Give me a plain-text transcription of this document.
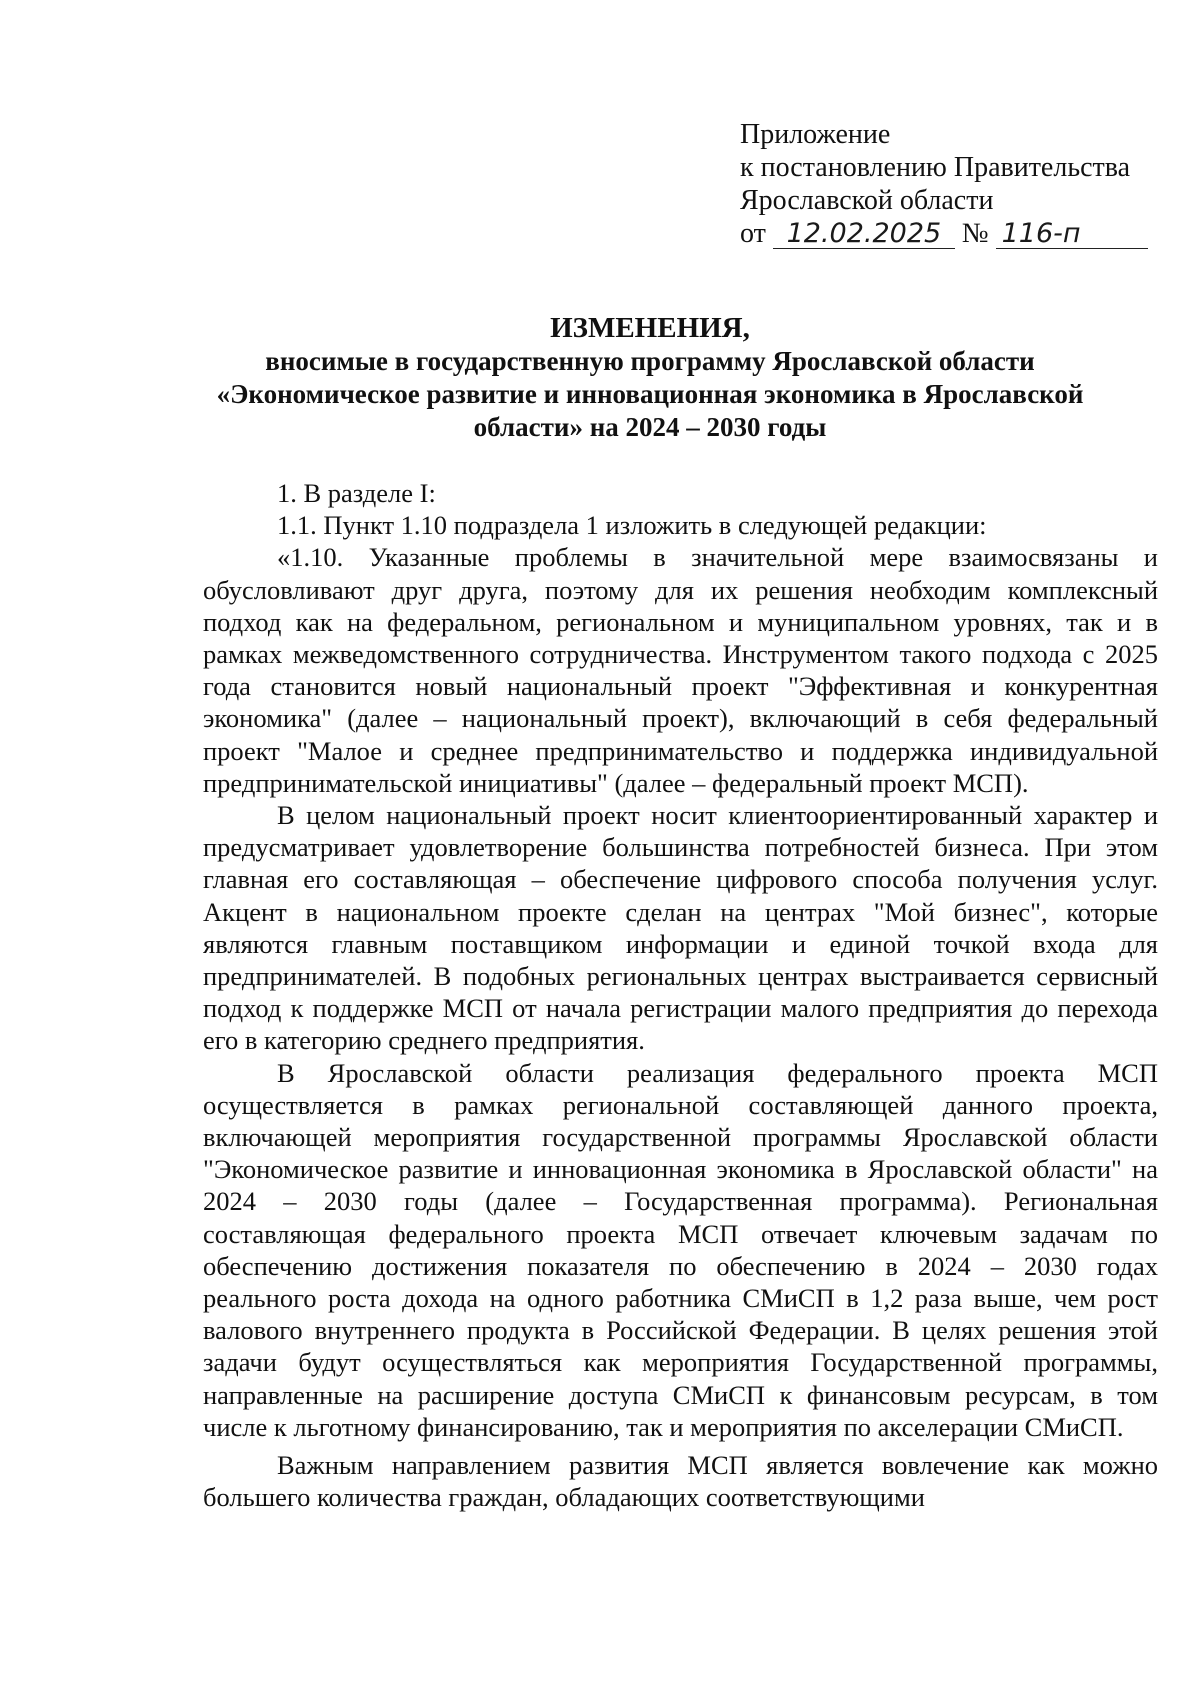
Приложение
к постановлению Правительства
Ярославской области
от 12.02.2025 № 116-п
ИЗМЕНЕНИЯ,
вносимые в государственную программу Ярославской области
«Экономическое развитие и инновационная экономика в Ярославской
области» на 2024 – 2030 годы

1. В разделе I:

1.1. Пункт 1.10 подраздела 1 изложить в следующей редакции:

«1.10. Указанные проблемы в значительной мере взаимосвязаны и обусловливают друг друга, поэтому для их решения необходим комплексный подход как на федеральном, региональном и муниципальном уровнях, так и в рамках межведомственного сотрудничества. Инструментом такого подхода с 2025 года становится новый национальный проект "Эффективная и конкурентная экономика" (далее – национальный проект), включающий в себя федеральный проект "Малое и среднее предпринимательство и поддержка индивидуальной предпринимательской инициативы" (далее – федеральный проект МСП).

В целом национальный проект носит клиентоориентированный характер и предусматривает удовлетворение большинства потребностей бизнеса. При этом главная его составляющая – обеспечение цифрового способа получения услуг. Акцент в национальном проекте сделан на центрах "Мой бизнес", которые являются главным поставщиком информации и единой точкой входа для предпринимателей. В подобных региональных центрах выстраивается сервисный подход к поддержке МСП от начала регистрации малого предприятия до перехода его в категорию среднего предприятия.

В Ярославской области реализация федерального проекта МСП осуществляется в рамках региональной составляющей данного проекта, включающей мероприятия государственной программы Ярославской области "Экономическое развитие и инновационная экономика в Ярославской области" на 2024 – 2030 годы (далее – Государственная программа). Региональная составляющая федерального проекта МСП отвечает ключевым задачам по обеспечению достижения показателя по обеспечению в 2024 – 2030 годах реального роста дохода на одного работника СМиСП в 1,2 раза выше, чем рост валового внутреннего продукта в Российской Федерации. В целях решения этой задачи будут осуществляться как мероприятия Государственной программы, направленные на расширение доступа СМиСП к финансовым ресурсам, в том числе к льготному финансированию, так и мероприятия по акселерации СМиСП.

Важным направлением развития МСП является вовлечение как можно большего количества граждан, обладающих соответствующими
